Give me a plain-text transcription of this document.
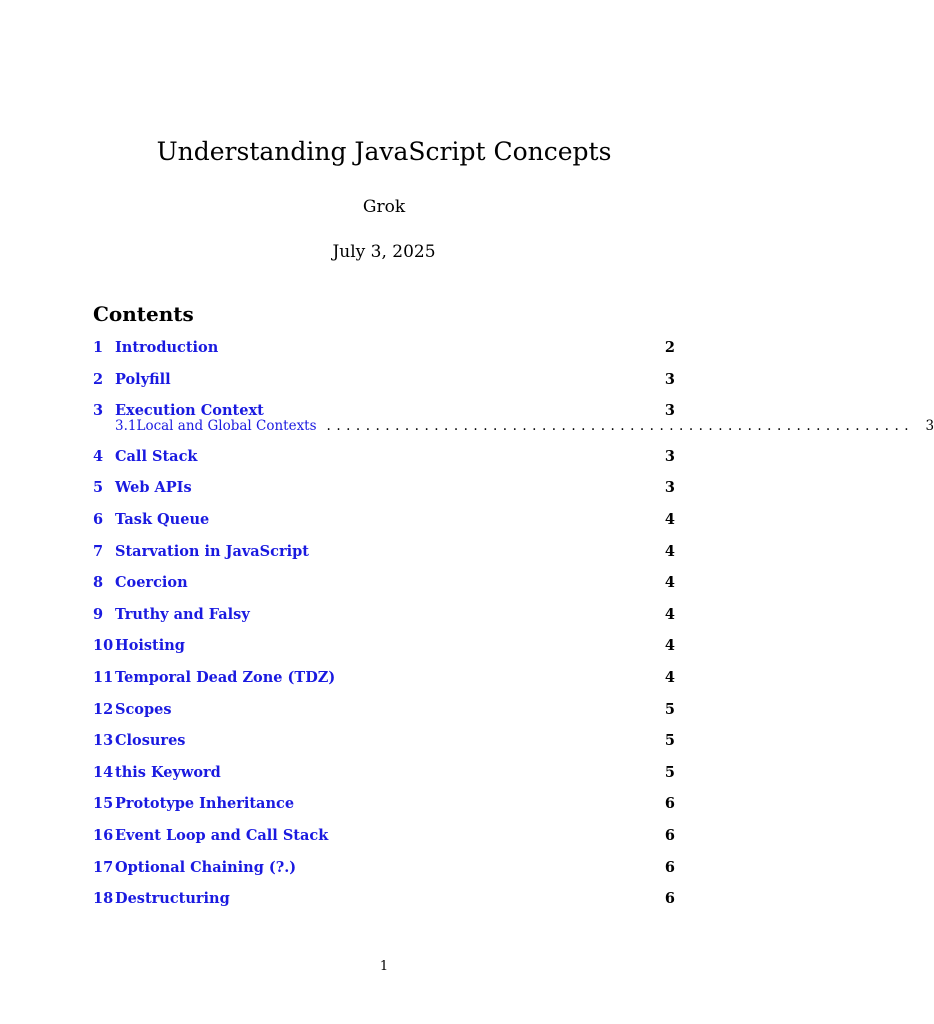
Understanding JavaScript Concepts
Grok
July 3, 2025
Contents
1 Introduction	2
2 Polyfill	3
3 Execution Context	3
3.1 Local and Global Contexts ............................................................ 3
4 Call Stack	3
5 Web APIs	3
6 Task Queue	4
7 Starvation in JavaScript	4
8 Coercion	4
9 Truthy and Falsy	4
10 Hoisting	4
11 Temporal Dead Zone (TDZ)	4
12 Scopes	5
13 Closures	5
14 this Keyword	5
15 Prototype Inheritance	6
16 Event Loop and Call Stack	6
17 Optional Chaining (?.)	6
18 Destructuring	6
1
